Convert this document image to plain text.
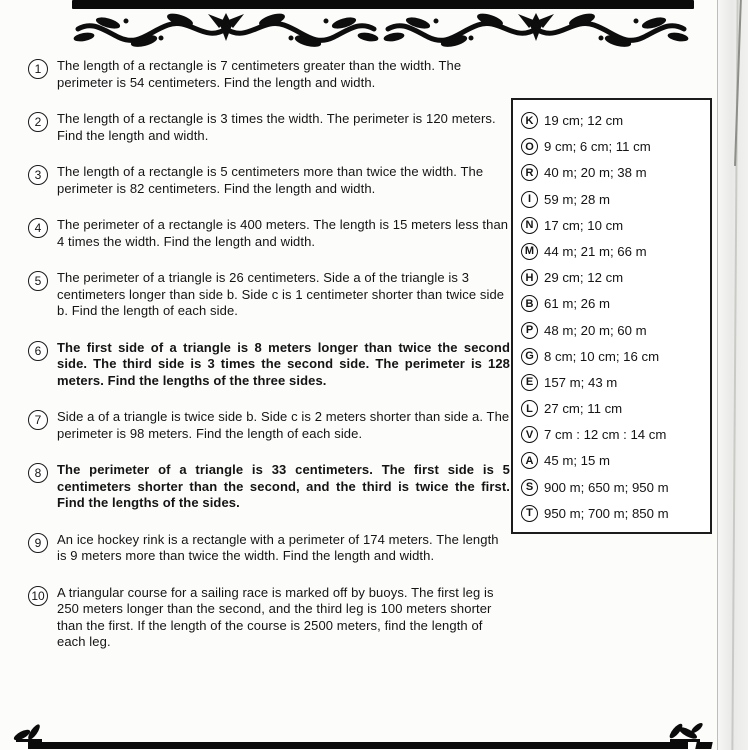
1 The length of a rectangle is 7 centimeters greater than the width. The perimeter is 54 centimeters. Find the length and width.
2 The length of a rectangle is 3 times the width. The perimeter is 120 meters. Find the length and width.
3 The length of a rectangle is 5 centimeters more than twice the width. The perimeter is 82 centimeters. Find the length and width.
4 The perimeter of a rectangle is 400 meters. The length is 15 meters less than 4 times the width. Find the length and width.
5 The perimeter of a triangle is 26 centimeters. Side a of the triangle is 3 centimeters longer than side b. Side c is 1 centimeter shorter than twice side b. Find the length of each side.
6 The first side of a triangle is 8 meters longer than twice the second side. The third side is 3 times the second side. The perimeter is 128 meters. Find the lengths of the three sides.
7 Side a of a triangle is twice side b. Side c is 2 meters shorter than side a. The perimeter is 98 meters. Find the length of each side.
8 The perimeter of a triangle is 33 centimeters. The first side is 5 centimeters shorter than the second, and the third is twice the first. Find the lengths of the sides.
9 An ice hockey rink is a rectangle with a perimeter of 174 meters. The length is 9 meters more than twice the width. Find the length and width.
10 A triangular course for a sailing race is marked off by buoys. The first leg is 250 meters longer than the second, and the third leg is 100 meters shorter than the first. If the length of the course is 2500 meters, find the length of each leg.
K 19 cm; 12 cm
O 9 cm; 6 cm; 11 cm
R 40 m; 20 m; 38 m
I 59 m; 28 m
N 17 cm; 10 cm
M 44 m; 21 m; 66 m
H 29 cm; 12 cm
B 61 m; 26 m
P 48 m; 20 m; 60 m
G 8 cm; 10 cm; 16 cm
E 157 m; 43 m
L 27 cm; 11 cm
V 7 cm : 12 cm : 14 cm
A 45 m; 15 m
S 900 m; 650 m; 950 m
T 950 m; 700 m; 850 m
